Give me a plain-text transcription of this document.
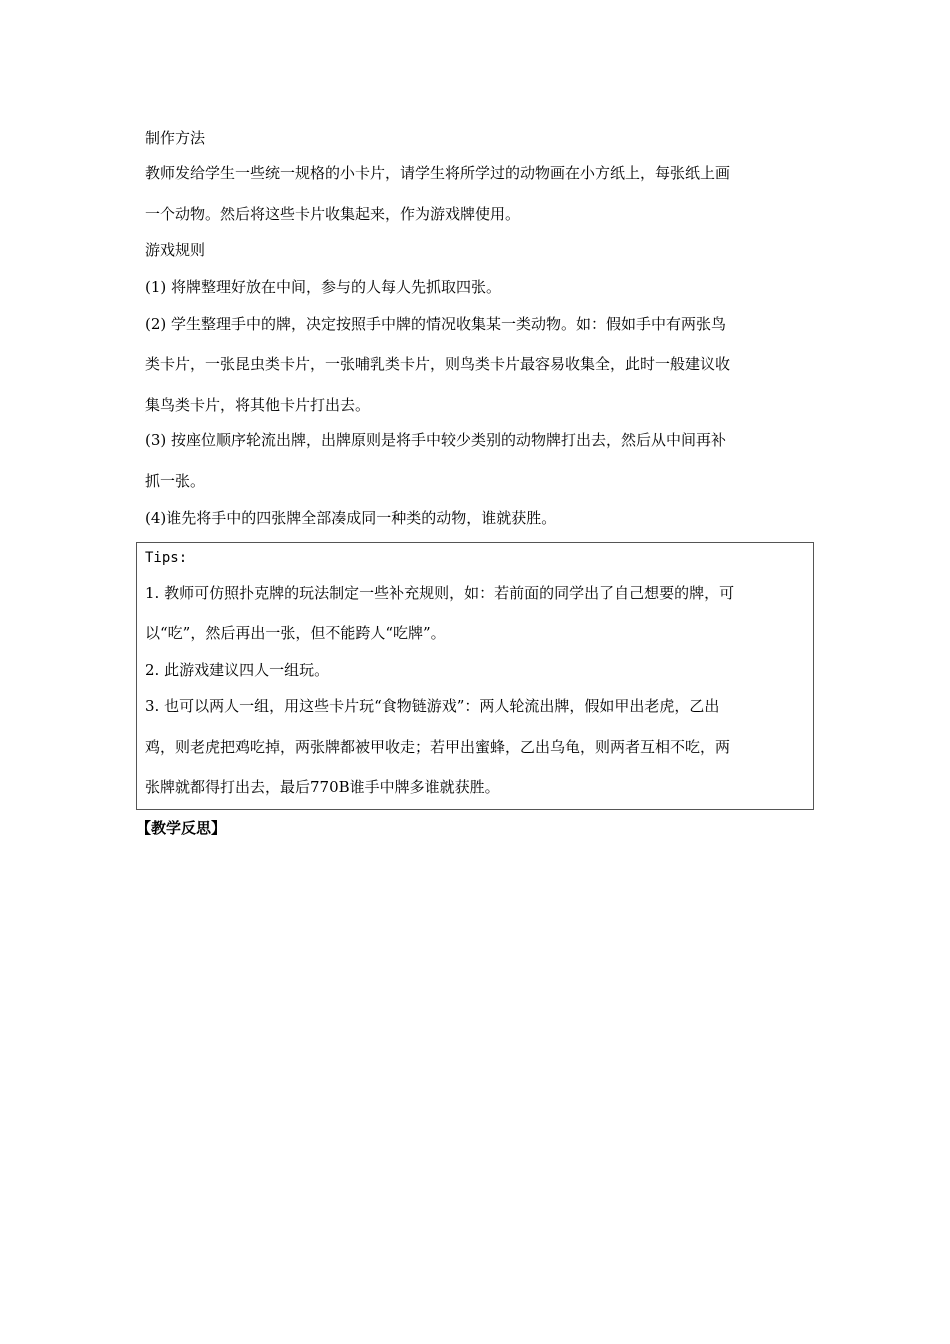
制作方法
教师发给学生一些统一规格的小卡片，请学生将所学过的动物画在小方纸上，每张纸上画
一个动物。然后将这些卡片收集起来，作为游戏牌使用。
游戏规则
(1) 将牌整理好放在中间，参与的人每人先抓取四张。
(2) 学生整理手中的牌，决定按照手中牌的情况收集某一类动物。如：假如手中有两张鸟
类卡片，一张昆虫类卡片，一张哺乳类卡片，则鸟类卡片最容易收集全，此时一般建议收
集鸟类卡片，将其他卡片打出去。
(3) 按座位顺序轮流出牌，出牌原则是将手中较少类别的动物牌打出去，然后从中间再补
抓一张。
(4)谁先将手中的四张牌全部凑成同一种类的动物，谁就获胜。
Tips:
1. 教师可仿照扑克牌的玩法制定一些补充规则，如：若前面的同学出了自己想要的牌，可
以“吃”，然后再出一张，但不能跨人“吃牌”。
2. 此游戏建议四人一组玩。
3. 也可以两人一组，用这些卡片玩“食物链游戏”：两人轮流出牌，假如甲出老虎，乙出
鸡，则老虎把鸡吃掉，两张牌都被甲收走；若甲出蜜蜂，乙出乌龟，则两者互相不吃，两
张牌就都得打出去，最后770B谁手中牌多谁就获胜。
【教学反思】
